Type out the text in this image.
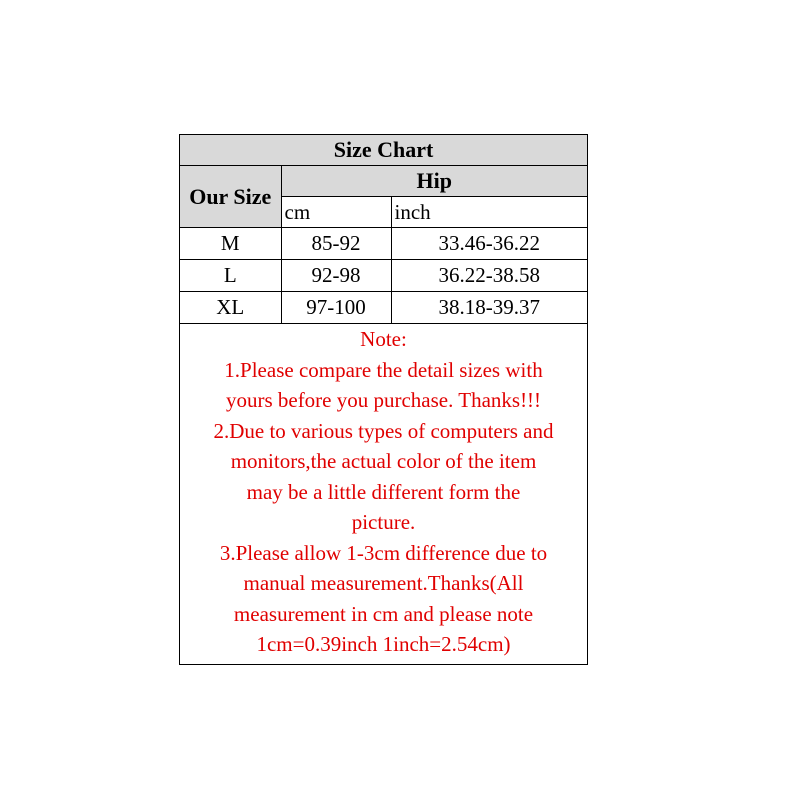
Size Chart		
Our Size	Hip	
	cm	inch
M	85-92	33.46-36.22
L	92-98	36.22-38.58
XL	97-100	38.18-39.37

Note:

1.Please compare the detail sizes with

yours before you purchase. Thanks!!!

2.Due to various types of computers and

monitors,the actual color of the item

may be a little different form the

picture.

3.Please allow 1-3cm difference due to

manual measurement.Thanks(All

measurement in cm and please note

1cm=0.39inch 1inch=2.54cm)
